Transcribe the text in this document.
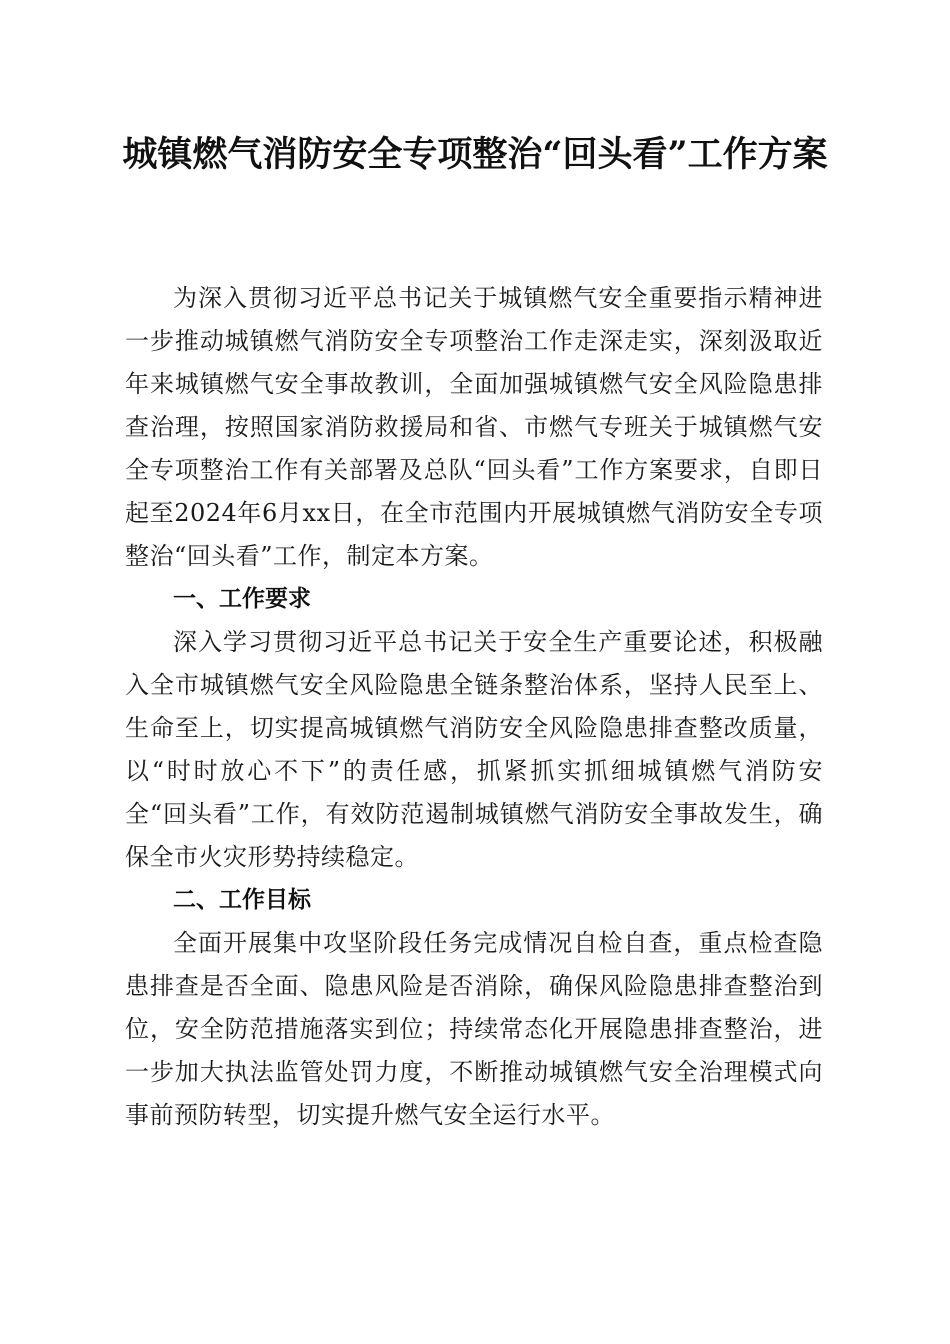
城镇燃气消防安全专项整治“回头看”工作方案

为深入贯彻习近平总书记关于城镇燃气安全重要指示精神进一步推动城镇燃气消防安全专项整治工作走深走实，深刻汲取近年来城镇燃气安全事故教训，全面加强城镇燃气安全风险隐患排查治理，按照国家消防救援局和省、市燃气专班关于城镇燃气安全专项整治工作有关部署及总队“回头看”工作方案要求，自即日起至2024年6月xx日，在全市范围内开展城镇燃气消防安全专项整治“回头看”工作，制定本方案。

一、工作要求

深入学习贯彻习近平总书记关于安全生产重要论述，积极融入全市城镇燃气安全风险隐患全链条整治体系，坚持人民至上、生命至上，切实提高城镇燃气消防安全风险隐患排查整改质量，以“时时放心不下”的责任感，抓紧抓实抓细城镇燃气消防安全“回头看”工作，有效防范遏制城镇燃气消防安全事故发生，确保全市火灾形势持续稳定。

二、工作目标

全面开展集中攻坚阶段任务完成情况自检自查，重点检查隐患排查是否全面、隐患风险是否消除，确保风险隐患排查整治到位，安全防范措施落实到位；持续常态化开展隐患排查整治，进一步加大执法监管处罚力度，不断推动城镇燃气安全治理模式向事前预防转型，切实提升燃气安全运行水平。
